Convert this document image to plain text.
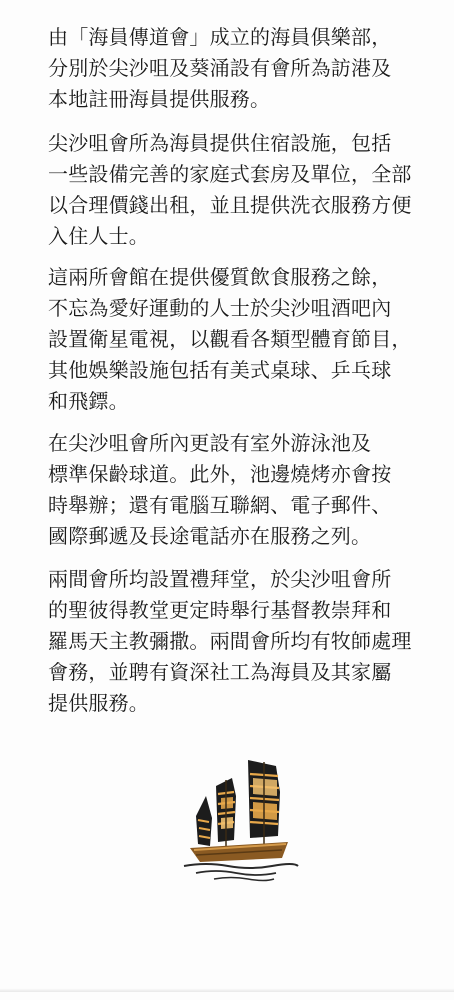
由「海員傳道會」成立的海員俱樂部，
分別於尖沙咀及葵涌設有會所為訪港及
本地註冊海員提供服務。

尖沙咀會所為海員提供住宿設施，包括
一些設備完善的家庭式套房及單位，全部
以合理價錢出租，並且提供洗衣服務方便
入住人士。

這兩所會館在提供優質飲食服務之餘，
不忘為愛好運動的人士於尖沙咀酒吧內
設置衛星電視，以觀看各類型體育節目，
其他娛樂設施包括有美式桌球、乒乓球
和飛鏢。

在尖沙咀會所內更設有室外游泳池及
標準保齡球道。此外，池邊燒烤亦會按
時舉辦；還有電腦互聯網、電子郵件、
國際郵遞及長途電話亦在服務之列。

兩間會所均設置禮拜堂，於尖沙咀會所
的聖彼得教堂更定時舉行基督教崇拜和
羅馬天主教彌撒。兩間會所均有牧師處理
會務，並聘有資深社工為海員及其家屬
提供服務。
